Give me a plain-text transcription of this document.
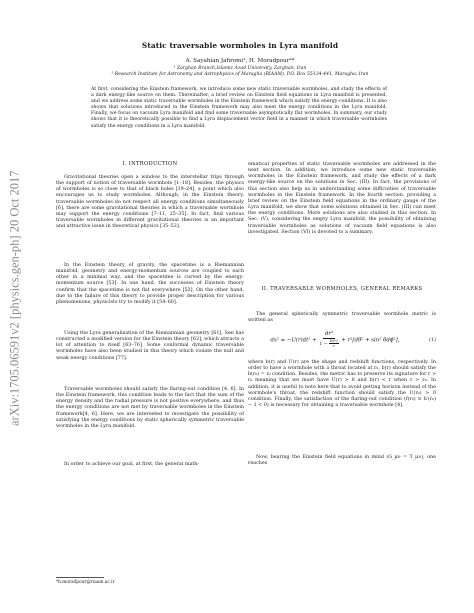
arXiv:1705.06591v2 [physics.gen-ph] 20 Oct 2017
Static traversable wormholes in Lyra manifold
A. Sayahian Jahromi¹, H. Moradpour²*
¹ Zarghan Branch,Islamic Azad University, Zarghan, Iran
² Research Institute for Astronomy and Astrophysics of Maragha (RIAAM), P.O. Box 55134-441, Maragha, Iran

At first, considering the Einstein framework, we introduce some new static traversable wormholes, and study the effects of a dark energy-like source on them. Thereinafter, a brief review on Einstein field equations in Lyra manifold is presented, and we address some static traversable wormholes in the Einstein framework which satisfy the energy-conditions. It is also shown that solutions introduced in the Einstein framework may also meet the energy conditions in the Lyra manifold. Finally, we focus on vacuum Lyra manifold and find some traversable asymptotically flat wormholes. In summary, our study shows that it is theoretically possible to find a Lyra displacement vector field in a manner in which traversable wormholes satisfy the energy conditions in a Lyra manifold.

I. INTRODUCTION

Gravitational theories open a window to the interstellar trips through the support of notion of traversable wormhole [1–18]. Besides, the physics of wormholes is so close to that of black holes [19–24], a point which also encourages us to study wormholes. Although, in the Einstein theory, traversable wormholes do not respect all energy conditions simultaneously [6], there are some gravitational theories in which a traversable wormhole may support the energy conditions [7–11, 25–35]. In fact, find various traversable wormholes in different gravitational theories is an important and attractive issue in theoretical physics [35–52].

In the Einstein theory of gravity, the spacetime is a Riemannian manifold, geometry and energy-momentum sources are coupled to each other in a minimal way, and the spacetime is curved by the energy-momentum source [53]. In one hand, the successes of Einstein theory confirm that the spacetime is not flat everywhere [53]. On the other hand, due to the failure of this theory to provide proper description for various phenomenons, physicists try to modify it [54–60].

Using the Lyra generalization of the Riemannian geometry [61], Sen has constructed a modified version for the Einstein theory [62], which attracts a lot of attention to itself [63–76]. Some conformal dynamic traversable wormholes have also been studied in this theory which violate the null and weak energy conditions [77].

Traversable wormholes should satisfy the flaring-out condition [4, 6]. In the Einstein framework, this condition leads to the fact that the sum of the energy density and the radial pressure is not positive everywhere, and thus the energy conditions are not met by traversable wormholes in the Einstein framework[4, 6]. Here, we are interested to investigate the possibility of satisfying the energy conditions by static spherically symmetric traversable wormholes in the Lyra manifold.

In order to achieve our goal, at first, the general math-

ematical properties of static traversable wormholes are addressed in the next section. In addition, we introduce some new static traversable wormholes in the Einstein framework, and study the effects of a dark energy-like source on the solutions in Sec. (III). In fact, the provisions of this section also help us in understanding some difficulties of traversable wormholes in the Einstein framework. In the fourth section, providing a brief review on the Einstein field equations in the ordinary gauge of the Lyra manifold, we show that some solutions obtained in Sec. (III) can meet the energy conditions. More solutions are also studied in this section. In Sec. (V), considering the empty Lyra manifold, the possibility of obtaining traversable wormholes as solutions of vacuum field equations is also investigated. Section (VI) is devoted to a summary.

II. TRAVERSABLE WORMHOLES, GENERAL REMARKS

The general spherically symmetric traversable wormhole metric is written as

$ds^2 = -U(r)dt^2 + \frac{\text{dr²}}{1 - \frac{b(r)}{r}} + r^2[d\theta^2 + \sin^2$ θdϕ²],	(1)

where b(r) and U(r) are the shape and redshift functions, respectively. In order to have a wormhole with a throat located at r₀, b(r) should satisfy the b(r₀) = r₀ condition. Besides, the metric has to preserve its signature for r > r₀ meaning that we must have U(r) > 0 and b(r) < r when r > r₀. In addition, it is useful to note here that to avoid getting horizon instead of the wormhole's throat, the redshift function should satisfy the U(r₀) > 0 condition. Finally, the satisfaction of the flaring-out condition (f(r₀) ≡ b′(r₀) − 1 < 0) is necessary for obtaining a traversable wormhole [4].

Now, bearing the Einstein field equations in mind (G_μν = T_μν), one reaches

*h.moradpour@riaam.ac.ir
